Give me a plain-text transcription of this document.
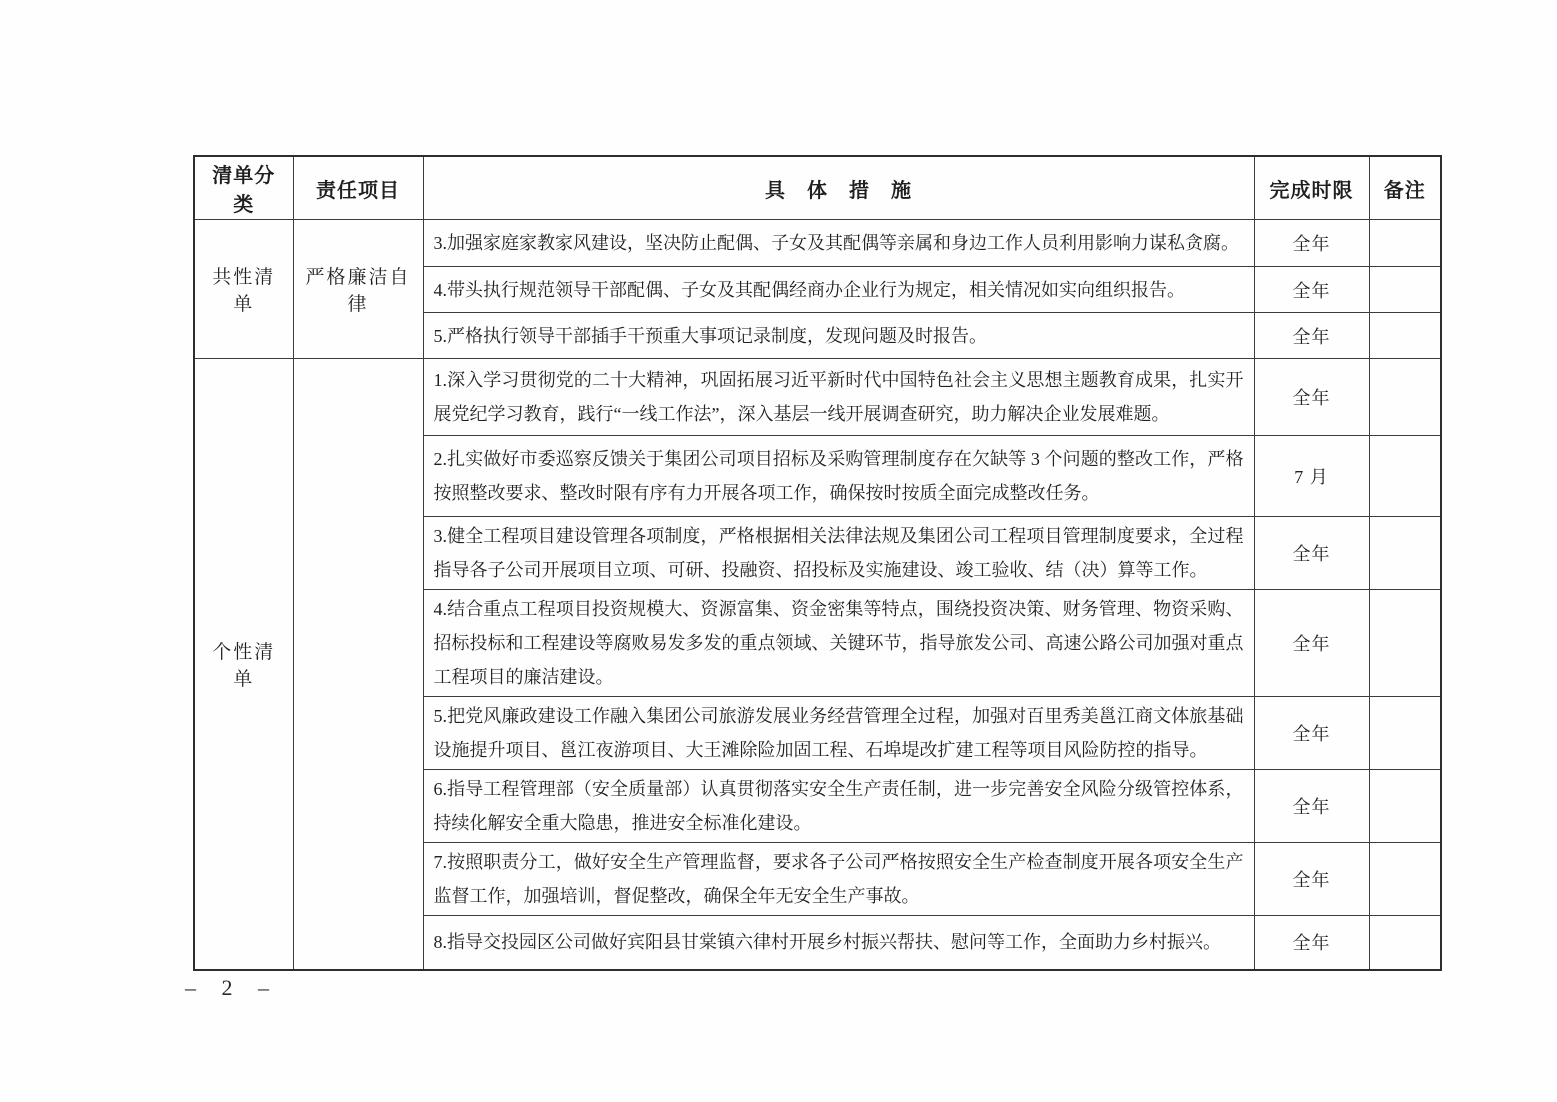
清单分类	责任项目	具　体　措　施	完成时限	备注
共性清单	严格廉洁自律	3.加强家庭家教家风建设，坚决防止配偶、子女及其配偶等亲属和身边工作人员利用影响力谋私贪腐。	全年	
		4.带头执行规范领导干部配偶、子女及其配偶经商办企业行为规定，相关情况如实向组织报告。	全年	
		5.严格执行领导干部插手干预重大事项记录制度，发现问题及时报告。	全年	
个性清单		1.深入学习贯彻党的二十大精神，巩固拓展习近平新时代中国特色社会主义思想主题教育成果，扎实开展党纪学习教育，践行“一线工作法”，深入基层一线开展调查研究，助力解决企业发展难题。	全年	
		2.扎实做好市委巡察反馈关于集团公司项目招标及采购管理制度存在欠缺等 3 个问题的整改工作，严格按照整改要求、整改时限有序有力开展各项工作，确保按时按质全面完成整改任务。	7 月	
		3.健全工程项目建设管理各项制度，严格根据相关法律法规及集团公司工程项目管理制度要求，全过程指导各子公司开展项目立项、可研、投融资、招投标及实施建设、竣工验收、结（决）算等工作。	全年	
		4.结合重点工程项目投资规模大、资源富集、资金密集等特点，围绕投资决策、财务管理、物资采购、招标投标和工程建设等腐败易发多发的重点领域、关键环节，指导旅发公司、高速公路公司加强对重点工程项目的廉洁建设。	全年	
		5.把党风廉政建设工作融入集团公司旅游发展业务经营管理全过程，加强对百里秀美邕江商文体旅基础设施提升项目、邕江夜游项目、大王滩除险加固工程、石埠堤改扩建工程等项目风险防控的指导。	全年	
		6.指导工程管理部（安全质量部）认真贯彻落实安全生产责任制，进一步完善安全风险分级管控体系，持续化解安全重大隐患，推进安全标准化建设。	全年	
		7.按照职责分工，做好安全生产管理监督，要求各子公司严格按照安全生产检查制度开展各项安全生产监督工作，加强培训，督促整改，确保全年无安全生产事故。	全年	
		8.指导交投园区公司做好宾阳县甘棠镇六律村开展乡村振兴帮扶、慰问等工作，全面助力乡村振兴。	全年	
– 2 –
